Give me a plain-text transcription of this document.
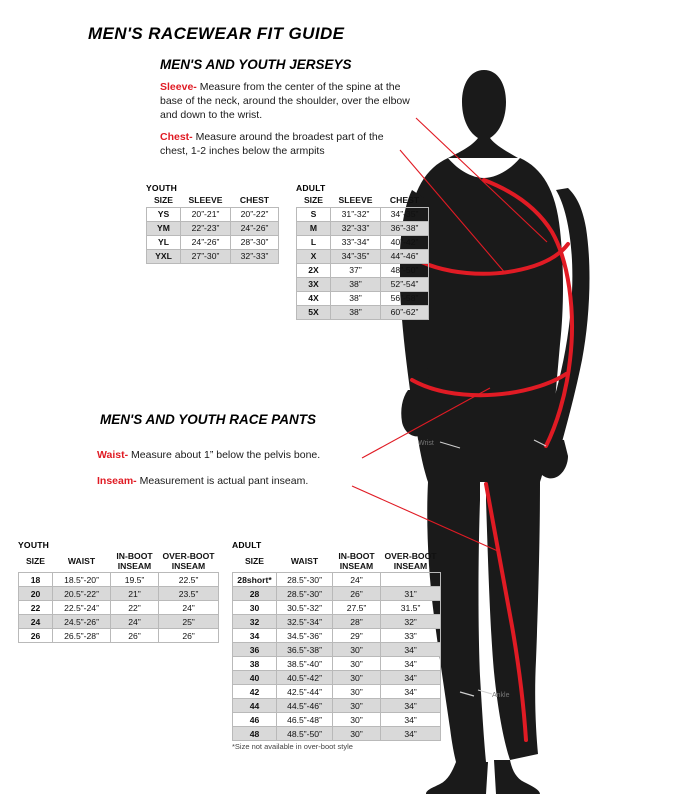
Wrist
Ankle
MEN'S RACEWEAR FIT GUIDE
MEN'S AND YOUTH JERSEYS
MEN'S AND YOUTH RACE PANTS
Sleeve- Measure from the center of the spine at the base of the neck, around the shoulder, over the elbow and down to the wrist.
Chest- Measure around the broadest part of the chest, 1-2 inches below the armpits
Waist- Measure about 1” below the pelvis bone.
Inseam- Measurement is actual pant inseam.
YOUTH
SIZE	SLEEVE	CHEST
YS	20”-21”	20”-22”
YM	22”-23”	24”-26”
YL	24”-26”	28”-30”
YXL	27”-30”	32”-33”
ADULT
SIZE	SLEEVE	CHEST
S	31”-32”	34”-35”
M	32”-33”	36”-38”
L	33”-34”	40”-42”
X	34”-35”	44”-46”
2X	37”	48”-50”
3X	38”	52”-54”
4X	38”	56”-58”
5X	38”	60”-62”
YOUTH
SIZE	WAIST	IN-BOOT
INSEAM	OVER-BOOT
INSEAM
18	18.5”-20”	19.5”	22.5”
20	20.5”-22”	21”	23.5”
22	22.5”-24”	22”	24”
24	24.5”-26”	24”	25”
26	26.5”-28”	26”	26”
ADULT
SIZE	WAIST	IN-BOOT
INSEAM	OVER-BOOT
INSEAM
28short*	28.5”-30”	24”	
28	28.5”-30”	26”	31”
30	30.5”-32”	27.5”	31.5”
32	32.5”-34”	28”	32”
34	34.5”-36”	29”	33”
36	36.5”-38”	30”	34”
38	38.5”-40”	30”	34”
40	40.5”-42”	30”	34”
42	42.5”-44”	30”	34”
44	44.5”-46”	30”	34”
46	46.5”-48”	30”	34”
48	48.5”-50”	30”	34”
*Size not available in over-boot style
